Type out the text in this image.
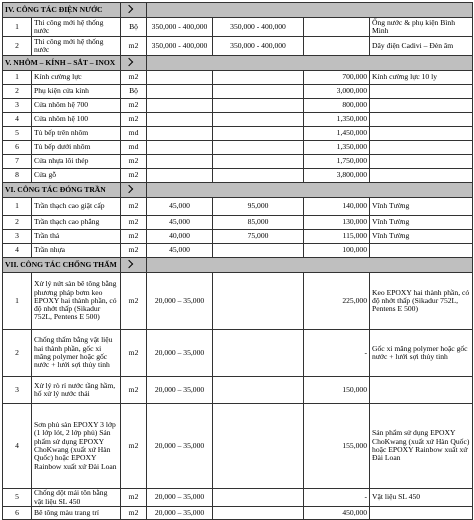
IV. CÔNG TÁC ĐIỆN NƯỚC						
1	Thi công mới hệ thống nước	Bộ	350,000 - 400,000	350,000 - 400,000		Ống nước & phụ kiện Bình Minh
2	Thi công mới hệ thống nước	m2	350,000 - 400,000	350,000 - 400,000		Dây điện Cadivi – Đèn âm
V. NHÔM – KÍNH – SẮT – INOX						
1	Kính cường lực	m2			700,000	Kính cường lực 10 ly
2	Phụ kiện cửa kính	Bộ			3,000,000	
3	Cửa nhôm hệ 700	m2			800,000	
4	Cửa nhôm hệ 100	m2			1,350,000	
5	Tủ bếp trên nhôm	md			1,450,000	
6	Tủ bếp dưới nhôm	md			1,350,000	
7	Cửa nhựa lõi thép	m2			1,750,000	
8	Cửa gỗ	m2			3,800,000	
VI. CÔNG TÁC ĐÓNG TRẦN						
1	Trần thạch cao giật cấp	m2	45,000	95,000	140,000	Vĩnh Tường
2	Trần thạch cao phẳng	m2	45,000	85,000	130,000	Vĩnh Tường
3	Trần thả	m2	40,000	75,000	115,000	Vĩnh Tường
4	Trần nhựa	m2	45,000		100,000	
VII. CÔNG TÁC CHỐNG THẤM						
1	Xử lý nứt sàn bê tông bằng phương pháp bơm keo EPOXY hai thành phần, có độ nhớt thấp (Sikadur 752L, Pentens E 500)	m2	20,000 – 35,000		225,000	Keo EPOXY hai thành phần, có độ nhớt thấp (Sikadur 752L, Pentens E 500)
2	Chống thấm bằng vật liệu hai thành phần, gốc xi măng polymer hoặc gốc nước + lưới sợi thủy tinh	m2	20,000 – 35,000		-	Gốc xi măng polymer hoặc gốc nước + lưới sợi thủy tinh
3	Xử lý rò rỉ nước tầng hầm, hố xử lý nước thải	m2	20,000 – 35,000		150,000	
4	Sơn phủ sàn EPOXY 3 lớp (1 lớp lót, 2 lớp phủ) Sản phẩm sử dụng EPOXY ChoKwang (xuất xứ Hàn Quốc) hoặc EPOXY Rainbow xuất xứ Đài Loan	m2	20,000 – 35,000		155,000	Sản phẩm sử dụng EPOXY ChoKwang (xuất xứ Hàn Quốc) hoặc EPOXY Rainbow xuất xứ Đài Loan
5	Chống dột mái tôn bằng vật liệu SL 450	m2	20,000 – 35,000		-	Vật liệu SL 450
6	Bê tông màu trang trí	m2	20,000 – 35,000		450,000	
